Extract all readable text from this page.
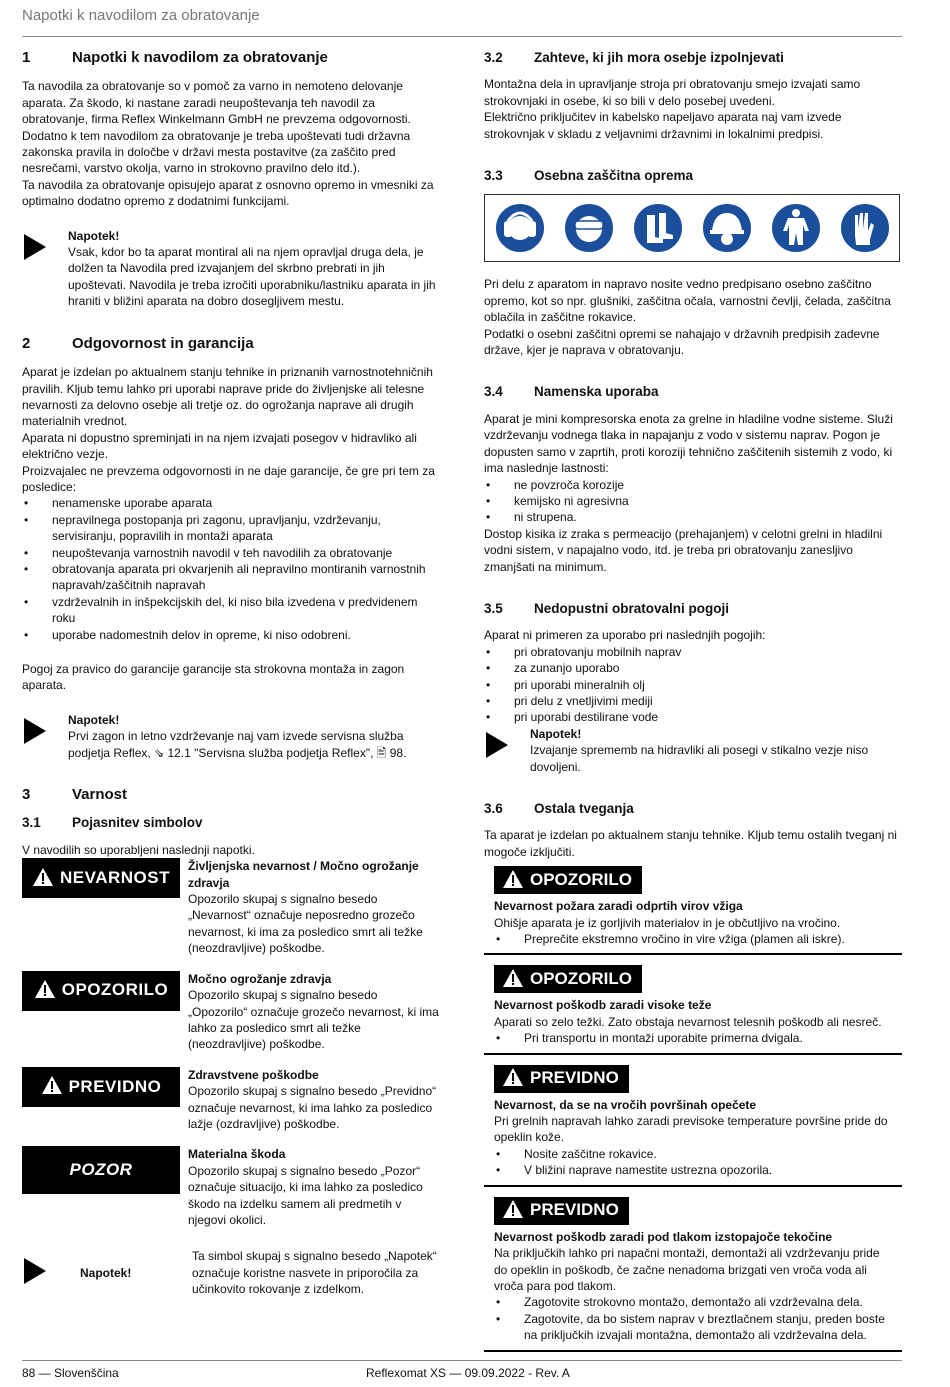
Napotki k navodilom za obratovanje
1	Napotki k navodilom za obratovanje

Ta navodila za obratovanje so v pomoč za varno in nemoteno delovanje aparata. Za škodo, ki nastane zaradi neupoštevanja teh navodil za obratovanje, firma Reflex Winkelmann GmbH ne prevzema odgovornosti. Dodatno k tem navodilom za obratovanje je treba upoštevati tudi državna zakonska pravila in določbe v državi mesta postavitve (za zaščito pred nesrečami, varstvo okolja, varno in strokovno pravilno delo itd.).

Ta navodila za obratovanje opisujejo aparat z osnovno opremo in vmesniki za optimalno dodatno opremo z dodatnimi funkcijami.

Napotek!
Vsak, kdor bo ta aparat montiral ali na njem opravljal druga dela, je dolžen ta Navodila pred izvajanjem del skrbno prebrati in jih upoštevati. Navodila je treba izročiti uporabniku/lastniku aparata in jih hraniti v bližini aparata na dobro dosegljivem mestu.
2	Odgovornost in garancija

Aparat je izdelan po aktualnem stanju tehnike in priznanih varnostnotehničnih pravilih. Kljub temu lahko pri uporabi naprave pride do življenjske ali telesne nevarnosti za delovno osebje ali tretje oz. do ogrožanja naprave ali drugih materialnih vrednot.

Aparata ni dopustno spreminjati in na njem izvajati posegov v hidravliko ali električno vezje.

Proizvajalec ne prevzema odgovornosti in ne daje garancije, če gre pri tem za posledice:

• nenamenske uporabe aparata
• nepravilnega postopanja pri zagonu, upravljanju, vzdrževanju, servisiranju, popravilih in montaži aparata
• neupoštevanja varnostnih navodil v teh navodilih za obratovanje
• obratovanja aparata pri okvarjenih ali nepravilno montiranih varnostnih napravah/zaščitnih napravah
• vzdrževalnih in inšpekcijskih del, ki niso bila izvedena v predvidenem roku
• uporabe nadomestnih delov in opreme, ki niso odobreni.

Pogoj za pravico do garancije garancije sta strokovna montaža in zagon aparata.

Napotek!
Prvi zagon in letno vzdrževanje naj vam izvede servisna služba podjetja Reflex, ⇘ 12.1 "Servisna služba podjetja Reflex", 🖹 98.
3	Varnost
3.1	Pojasnitev simbolov

V navodilih so uporabljeni naslednji napotki.

NEVARNOST
Življenjska nevarnost / Močno ogrožanje zdravja
Opozorilo skupaj s signalno besedo „Nevarnost“ označuje neposredno grozečo nevarnost, ki ima za posledico smrt ali težke (neozdravljive) poškodbe.
OPOZORILO
Močno ogrožanje zdravja
Opozorilo skupaj s signalno besedo „Opozorilo“ označuje grozečo nevarnost, ki ima lahko za posledico smrt ali težke (neozdravljive) poškodbe.
PREVIDNO
Zdravstvene poškodbe
Opozorilo skupaj s signalno besedo „Previdno“ označuje nevarnost, ki ima lahko za posledico lažje (ozdravljive) poškodbe.
POZOR
Materialna škoda
Opozorilo skupaj s signalno besedo „Pozor“ označuje situacijo, ki ima lahko za posledico škodo na izdelku samem ali predmetih v njegovi okolici.
Napotek!
Ta simbol skupaj s signalno besedo „Napotek“ označuje koristne nasvete in priporočila za učinkovito rokovanje z izdelkom.
3.2	Zahteve, ki jih mora osebje izpolnjevati

Montažna dela in upravljanje stroja pri obratovanju smejo izvajati samo strokovnjaki in osebe, ki so bili v delo posebej uvedeni.

Električno priključitev in kabelsko napeljavo aparata naj vam izvede strokovnjak v skladu z veljavnimi državnimi in lokalnimi predpisi.

3.3	Osebna zaščitna oprema

Pri delu z aparatom in napravo nosite vedno predpisano osebno zaščitno opremo, kot so npr. glušniki, zaščitna očala, varnostni čevlji, čelada, zaščitna oblačila in zaščitne rokavice.

Podatki o osebni zaščitni opremi se nahajajo v državnih predpisih zadevne države, kjer je naprava v obratovanju.

3.4	Namenska uporaba

Aparat je mini kompresorska enota za grelne in hladilne vodne sisteme. Služi vzdrževanju vodnega tlaka in napajanju z vodo v sistemu naprav. Pogon je dopusten samo v zaprtih, proti koroziji tehnično zaščitenih sistemih z vodo, ki ima naslednje lastnosti:

• ne povzroča korozije
• kemijsko ni agresivna
• ni strupena.

Dostop kisika iz zraka s permeacijo (prehajanjem) v celotni grelni in hladilni vodni sistem, v napajalno vodo, itd. je treba pri obratovanju zanesljivo zmanjšati na minimum.

3.5	Nedopustni obratovalni pogoji

Aparat ni primeren za uporabo pri naslednjih pogojih:

• pri obratovanju mobilnih naprav
• za zunanjo uporabo
• pri uporabi mineralnih olj
• pri delu z vnetljivimi mediji
• pri uporabi destilirane vode
Napotek!
Izvajanje sprememb na hidravliki ali posegi v stikalno vezje niso dovoljeni.
3.6	Ostala tveganja

Ta aparat je izdelan po aktualnem stanju tehnike. Kljub temu ostalih tveganj ni mogoče izključiti.

OPOZORILO
Nevarnost požara zaradi odprtih virov vžiga
Ohišje aparata je iz gorljivih materialov in je občutljivo na vročino.
• Preprečite ekstremno vročino in vire vžiga (plamen ali iskre).
OPOZORILO
Nevarnost poškodb zaradi visoke teže
Aparati so zelo težki. Zato obstaja nevarnost telesnih poškodb ali nesreč.
• Pri transportu in montaži uporabite primerna dvigala.
PREVIDNO
Nevarnost, da se na vročih površinah opečete
Pri grelnih napravah lahko zaradi previsoke temperature površine pride do opeklin kože.
• Nosite zaščitne rokavice.
• V bližini naprave namestite ustrezna opozorila.
PREVIDNO
Nevarnost poškodb zaradi pod tlakom izstopajoče tekočine
Na priključkih lahko pri napačni montaži, demontaži ali vzdrževanju pride do opeklin in poškodb, če začne nenadoma brizgati ven vroča voda ali vroča para pod tlakom.
• Zagotovite strokovno montažo, demontažo ali vzdrževalna dela.
• Zagotovite, da bo sistem naprav v breztlačnem stanju, preden boste na priključkih izvajali montažna, demontažo ali vzdrževalna dela.
88 — Slovenščina	Reflexomat XS — 09.09.2022 - Rev. A
